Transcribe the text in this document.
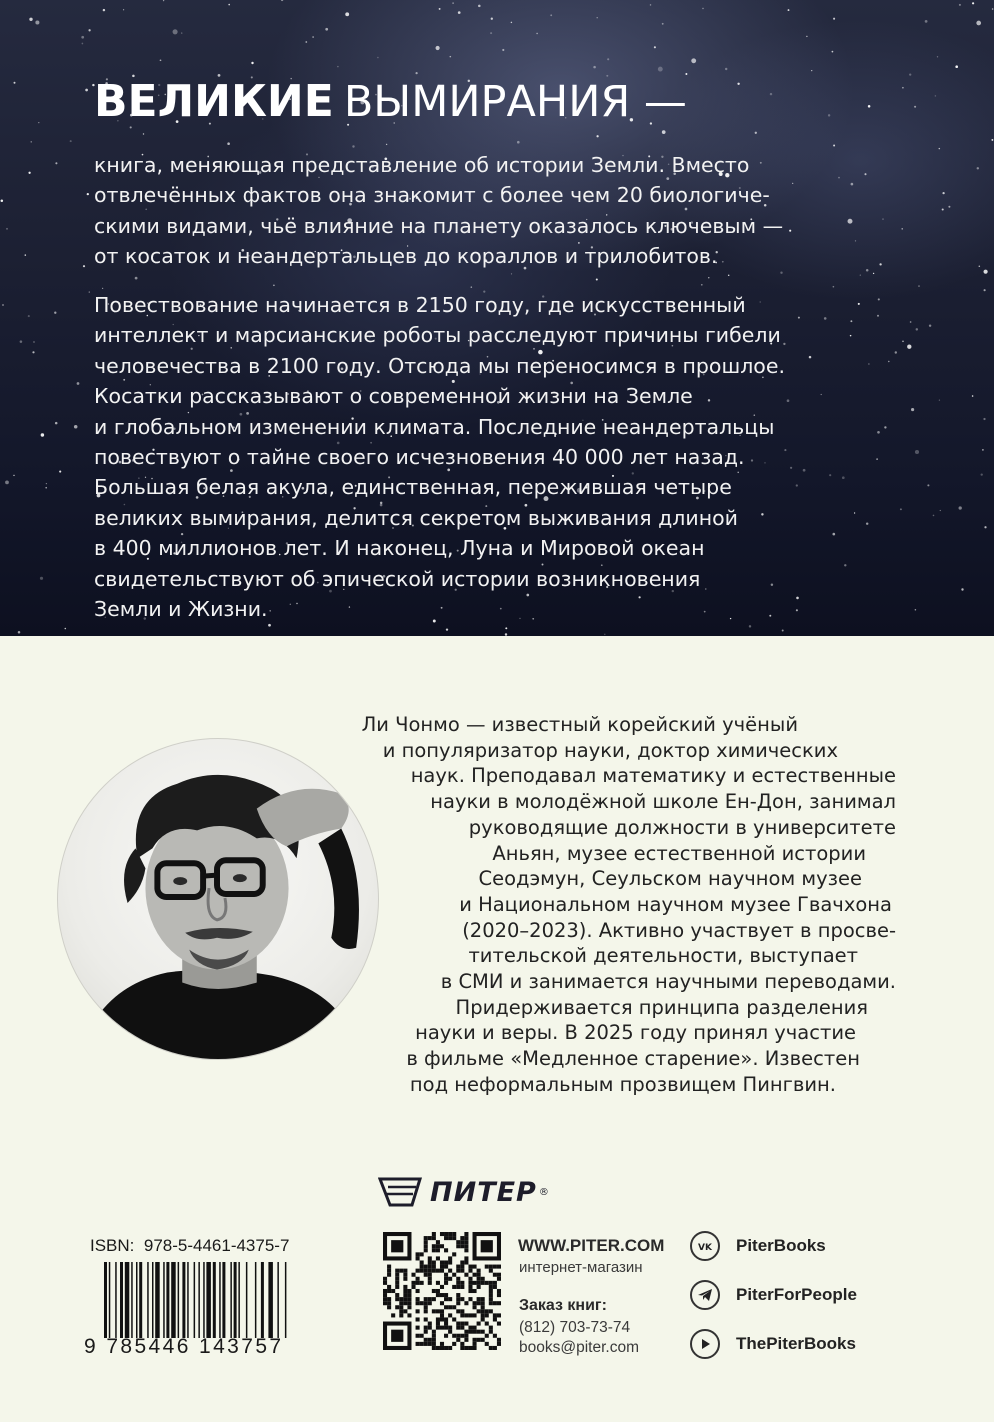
ВЕЛИКИЕ ВЫМИРАНИЯ —
книга, меняющая представление об истории Земли. Вместо
отвлечённых фактов она знакомит с более чем 20 биологиче-
скими видами, чьё влияние на планету оказалось ключевым —
от косаток и неандертальцев до кораллов и трилобитов.
Повествование начинается в 2150 году, где искусственный
интеллект и марсианские роботы расследуют причины гибели
человечества в 2100 году. Отсюда мы переносимся в прошлое.
Косатки рассказывают о современной жизни на Земле
и глобальном изменении климата. Последние неандертальцы
повествуют о тайне своего исчезновения 40 000 лет назад.
Большая белая акула, единственная, пережившая четыре
великих вымирания, делится секретом выживания длиной
в 400 миллионов лет. И наконец, Луна и Мировой океан
свидетельствуют об эпической истории возникновения
Земли и Жизни.
Ли Чонмо — известный корейский учёный
и популяризатор науки, доктор химических
наук. Преподавал математику и естественные
науки в молодёжной школе Ен-Дон, занимал
руководящие должности в университете
Аньян, музее естественной истории
Сеодэмун, Сеульском научном музее
и Национальном научном музее Гвачхона
(2020–2023). Активно участвует в просве-
тительской деятельности, выступает
в СМИ и занимается научными переводами.
Придерживается принципа разделения
науки и веры. В 2025 году принял участие
в фильме «Медленное старение». Известен
под неформальным прозвищем Пингвин.
ПИТЕР ®
ISBN: 978-5-4461-4375-7
9 785446 143757
WWW.PITER.COM
интернет-магазин
Заказ книг:
(812) 703-73-74
books@piter.com
VK PiterBooks
PiterForPeople
ThePiterBooks
